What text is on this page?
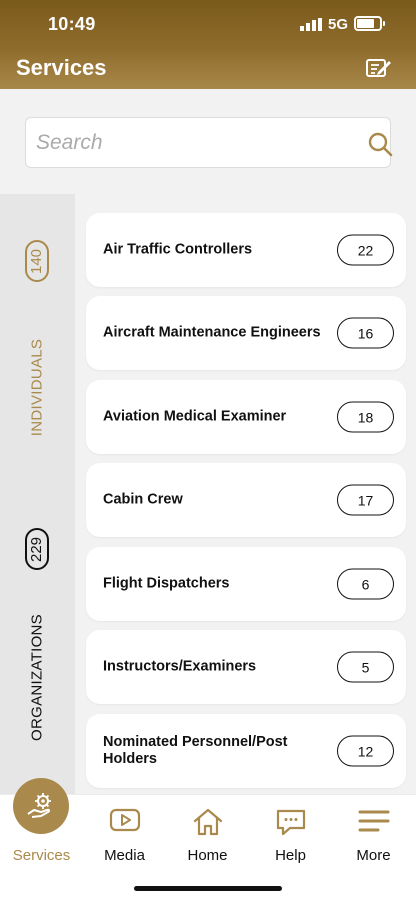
10:49	5G
Services
Search
140
INDIVIDUALS
229
ORGANIZATIONS
Air Traffic Controllers	22
Aircraft Maintenance Engineers	16
Aviation Medical Examiner	18
Cabin Crew	17
Flight Dispatchers	6
Instructors/Examiners	5
Nominated Personnel/Post Holders	12
Services	Media	Home	Help	More
